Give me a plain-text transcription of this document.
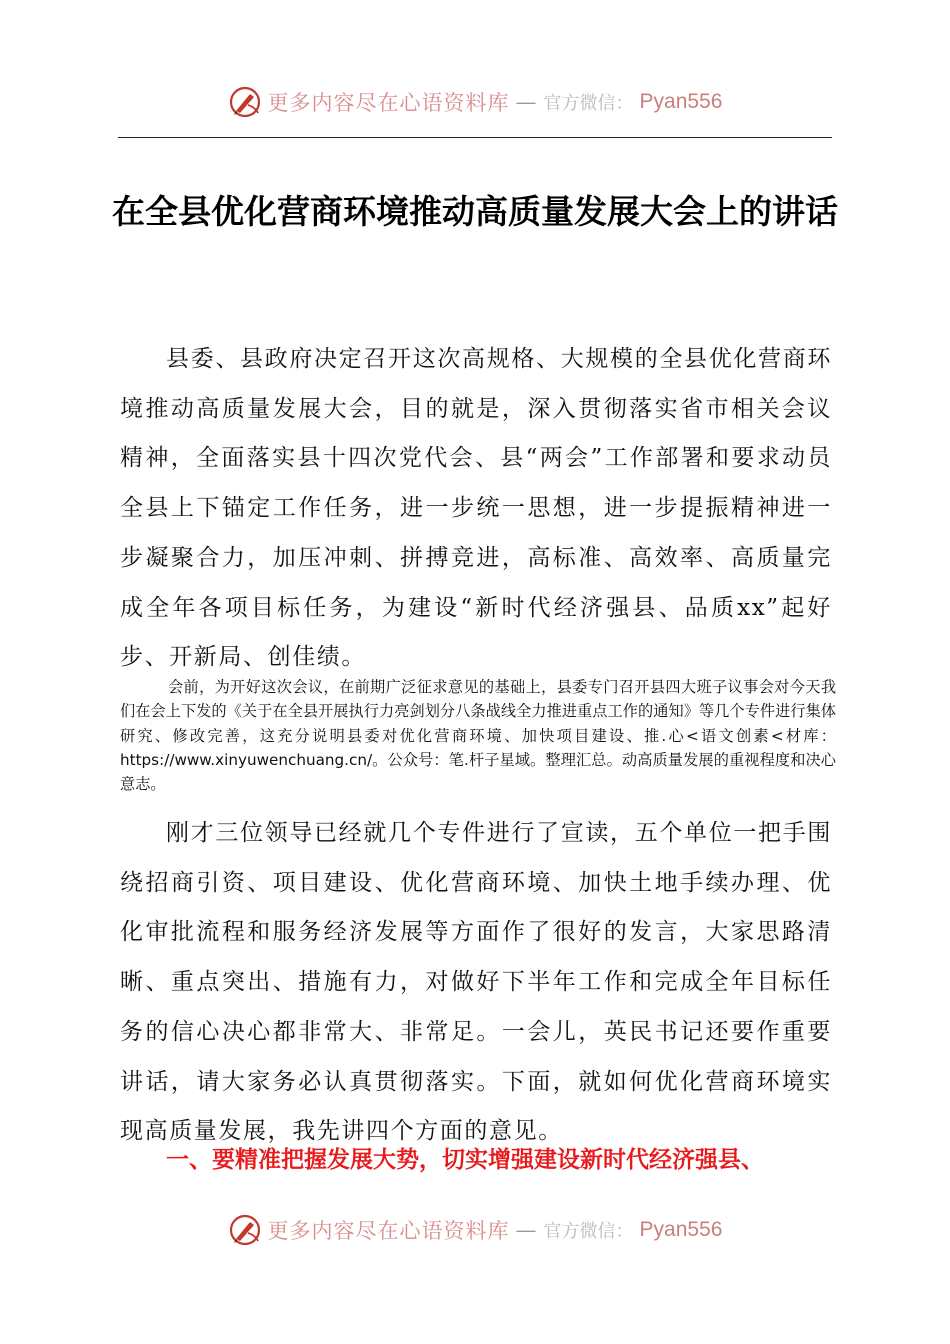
更多内容尽在心语资料库 — 官方微信： Pyan556
在全县优化营商环境推动高质量发展大会上的讲话

县委、县政府决定召开这次高规格、大规模的全县优化营商环境推动高质量发展大会，目的就是，深入贯彻落实省市相关会议精神，全面落实县十四次党代会、县“两会”工作部署和要求动员全县上下锚定工作任务，进一步统一思想，进一步提振精神进一步凝聚合力，加压冲刺、拼搏竞进，高标准、高效率、高质量完成全年各项目标任务，为建设“新时代经济强县、品质xx”起好步、开新局、创佳绩。

会前，为开好这次会议，在前期广泛征求意见的基础上，县委专门召开县四大班子议事会对今天我们在会上下发的《关于在全县开展执行力亮剑划分八条战线全力推进重点工作的通知》等几个专件进行集体研究、修改完善，这充分说明县委对优化营商环境、加快项目建设、推.心<语文创素<材库：https://www.xinyuwenchuang.cn/。公众号：笔.杆子星域。整理汇总。动高质量发展的重视程度和决心意志。

刚才三位领导已经就几个专件进行了宣读，五个单位一把手围绕招商引资、项目建设、优化营商环境、加快土地手续办理、优化审批流程和服务经济发展等方面作了很好的发言，大家思路清晰、重点突出、措施有力，对做好下半年工作和完成全年目标任务的信心决心都非常大、非常足。一会儿，英民书记还要作重要讲话，请大家务必认真贯彻落实。下面，就如何优化营商环境实现高质量发展，我先讲四个方面的意见。

一、要精准把握发展大势，切实增强建设新时代经济强县、
更多内容尽在心语资料库 — 官方微信： Pyan556
